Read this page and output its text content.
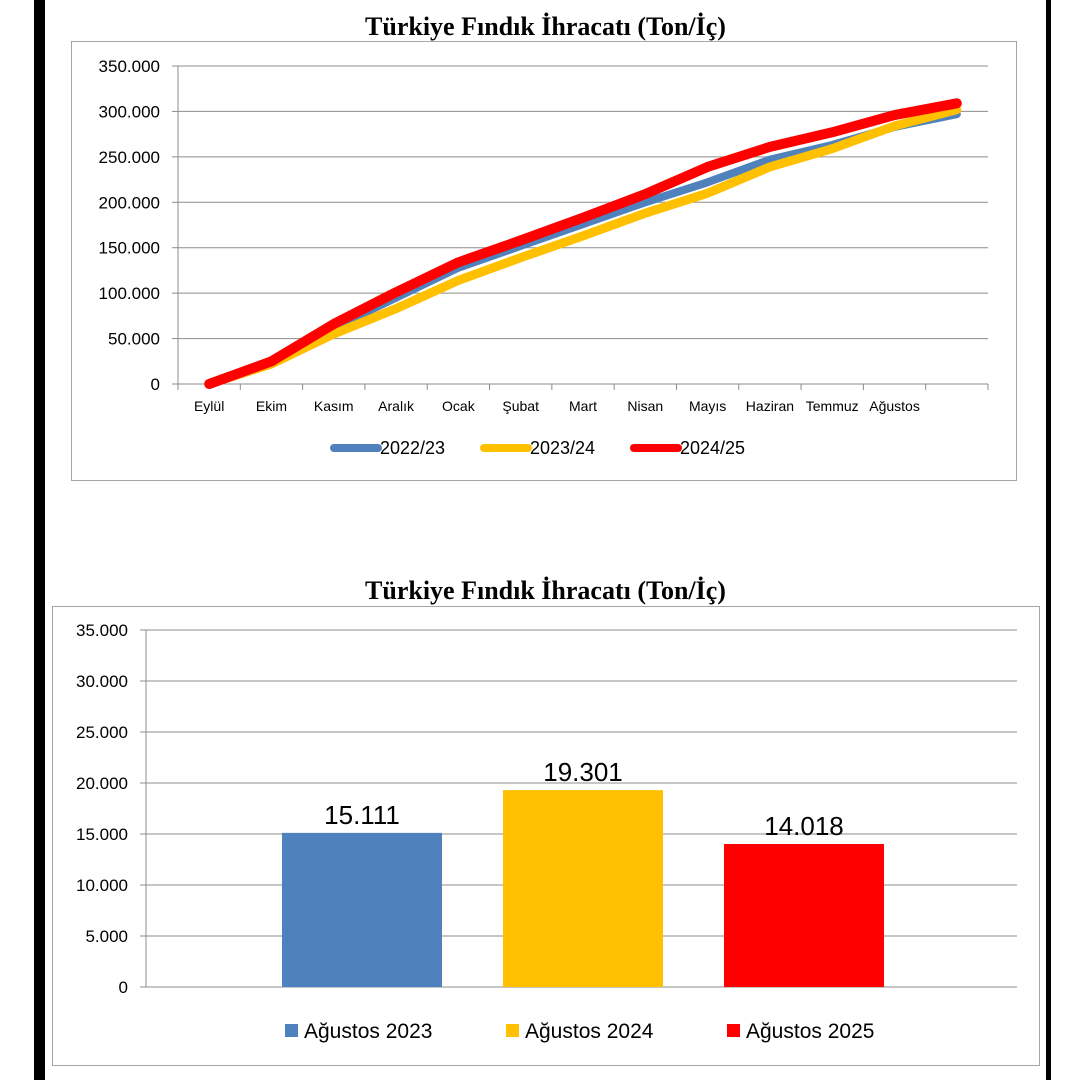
Türkiye Fındık İhracatı (Ton/İç)
Türkiye Fındık İhracatı (Ton/İç)
0
50.000
100.000
150.000
200.000
250.000
300.000
350.000
Eylül Ekim Kasım Aralık Ocak Şubat Mart Nisan Mayıs Haziran Temmuz Ağustos
2022/23	2023/24	2024/25
0
5.000
10.000
15.000
20.000
25.000
30.000
35.000
15.111
19.301
14.018
Ağustos 2023	Ağustos 2024	Ağustos 2025
